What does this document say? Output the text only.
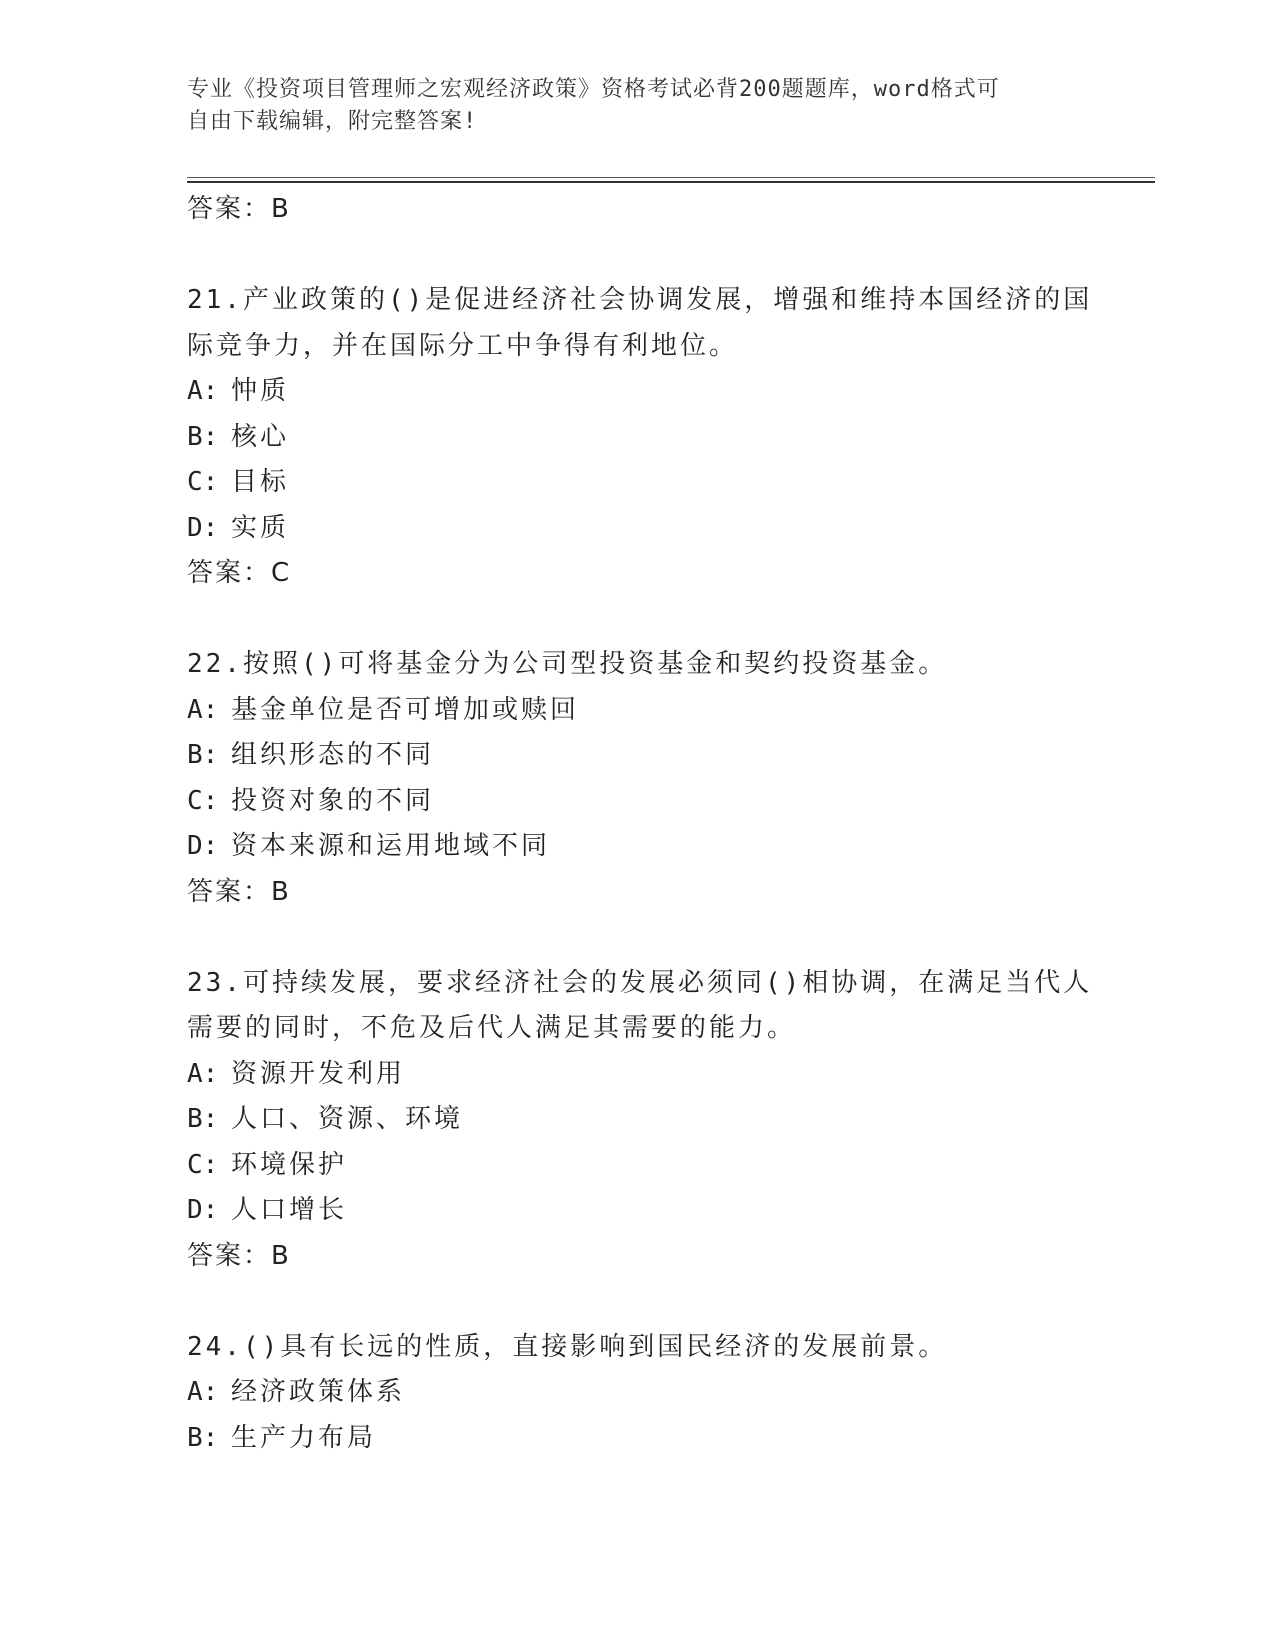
专业《投资项目管理师之宏观经济政策》资格考试必背200题题库，word格式可
自由下载编辑，附完整答案!
答案：B
21.产业政策的()是促进经济社会协调发展，增强和维持本国经济的国
际竞争力，并在国际分工中争得有利地位。
A: 忡质
B: 核心
C: 目标
D: 实质
答案：C
22.按照()可将基金分为公司型投资基金和契约投资基金。
A: 基金单位是否可增加或赎回
B: 组织形态的不同
C: 投资对象的不同
D: 资本来源和运用地域不同
答案：B
23.可持续发展，要求经济社会的发展必须同()相协调，在满足当代人
需要的同时，不危及后代人满足其需要的能力。
A: 资源开发利用
B: 人口、资源、环境
C: 环境保护
D: 人口增长
答案：B
24.()具有长远的性质，直接影响到国民经济的发展前景。
A: 经济政策体系
B: 生产力布局
